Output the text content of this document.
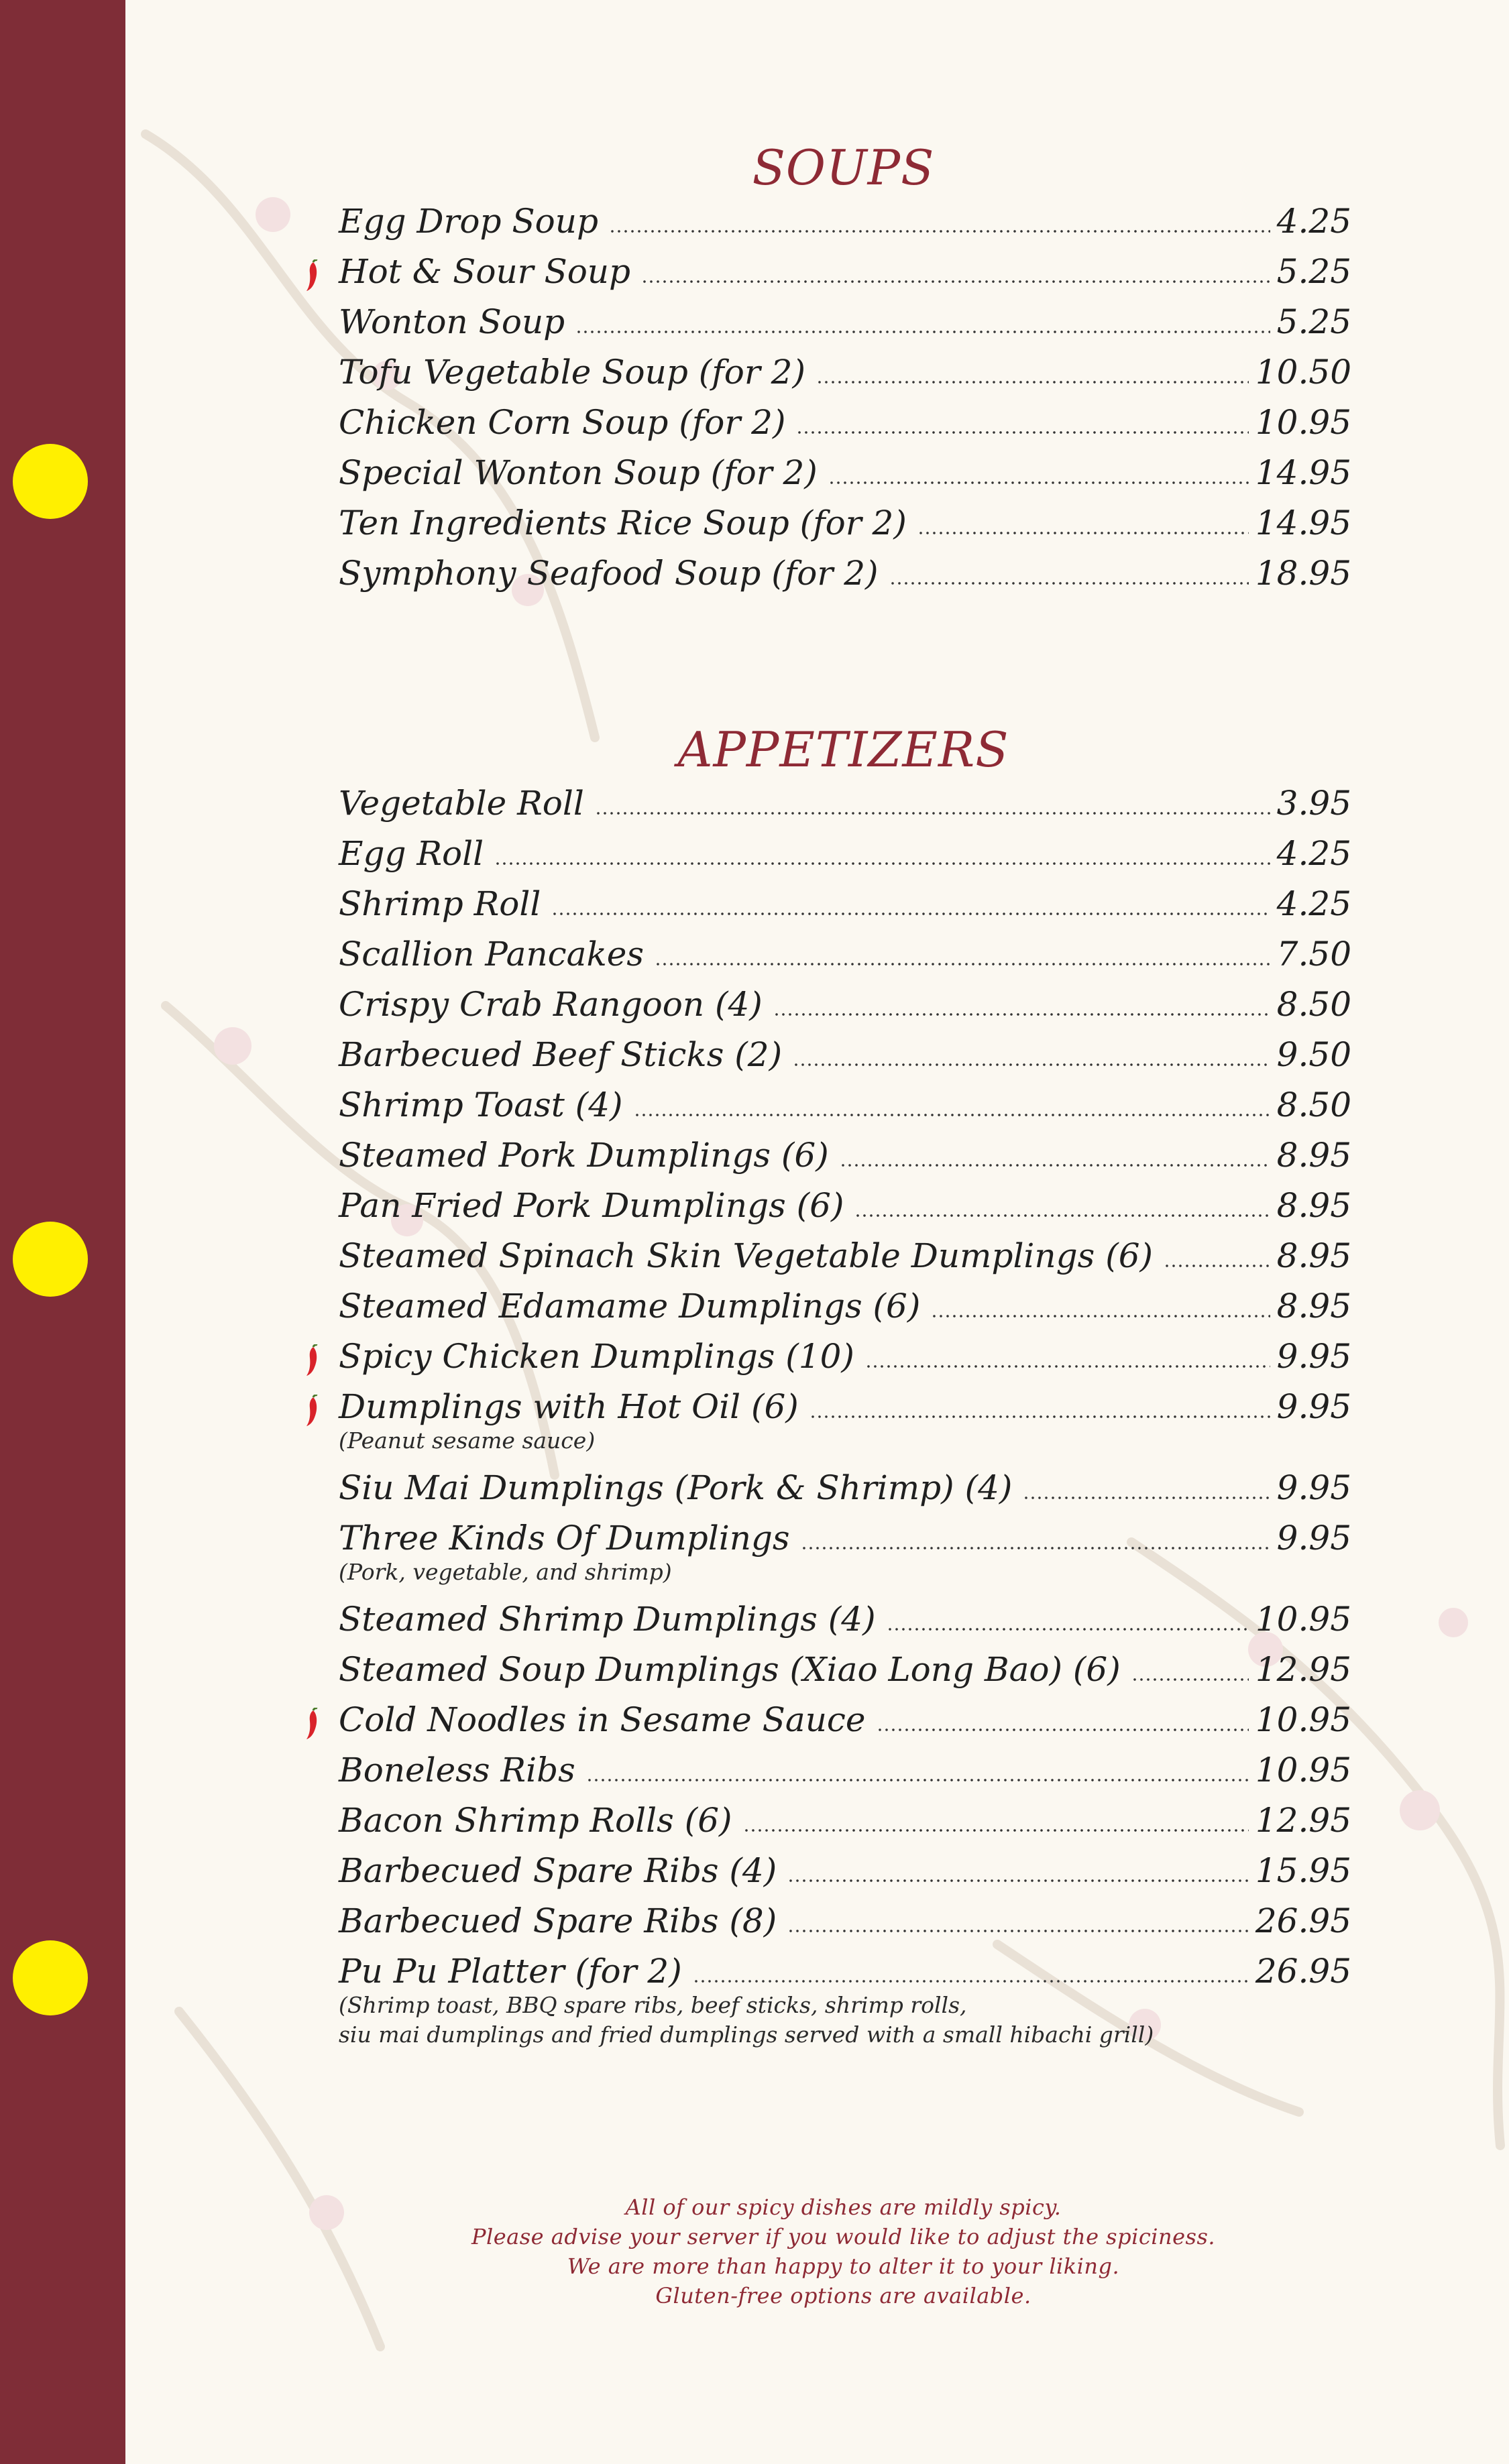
SOUPS
Egg Drop Soup	4.25
Hot & Sour Soup	5.25
Wonton Soup	5.25
Tofu Vegetable Soup (for 2)	10.50
Chicken Corn Soup (for 2)	10.95
Special Wonton Soup (for 2)	14.95
Ten Ingredients Rice Soup (for 2)	14.95
Symphony Seafood Soup (for 2)	18.95
APPETIZERS
Vegetable Roll	3.95
Egg Roll	4.25
Shrimp Roll	4.25
Scallion Pancakes	7.50
Crispy Crab Rangoon (4)	8.50
Barbecued Beef Sticks (2)	9.50
Shrimp Toast (4)	8.50
Steamed Pork Dumplings (6)	8.95
Pan Fried Pork Dumplings (6)	8.95
Steamed Spinach Skin Vegetable Dumplings (6)	8.95
Steamed Edamame Dumplings (6)	8.95
Spicy Chicken Dumplings (10)	9.95
Dumplings with Hot Oil (6)	9.95
(Peanut sesame sauce)
Siu Mai Dumplings (Pork & Shrimp) (4)	9.95
Three Kinds Of Dumplings	9.95
(Pork, vegetable, and shrimp)
Steamed Shrimp Dumplings (4)	10.95
Steamed Soup Dumplings (Xiao Long Bao) (6)	12.95
Cold Noodles in Sesame Sauce	10.95
Boneless Ribs	10.95
Bacon Shrimp Rolls (6)	12.95
Barbecued Spare Ribs (4)	15.95
Barbecued Spare Ribs (8)	26.95
Pu Pu Platter (for 2)	26.95
(Shrimp toast, BBQ spare ribs, beef sticks, shrimp rolls,
siu mai dumplings and fried dumplings served with a small hibachi grill)
All of our spicy dishes are mildly spicy.
Please advise your server if you would like to adjust the spiciness.
We are more than happy to alter it to your liking.
Gluten-free options are available.
